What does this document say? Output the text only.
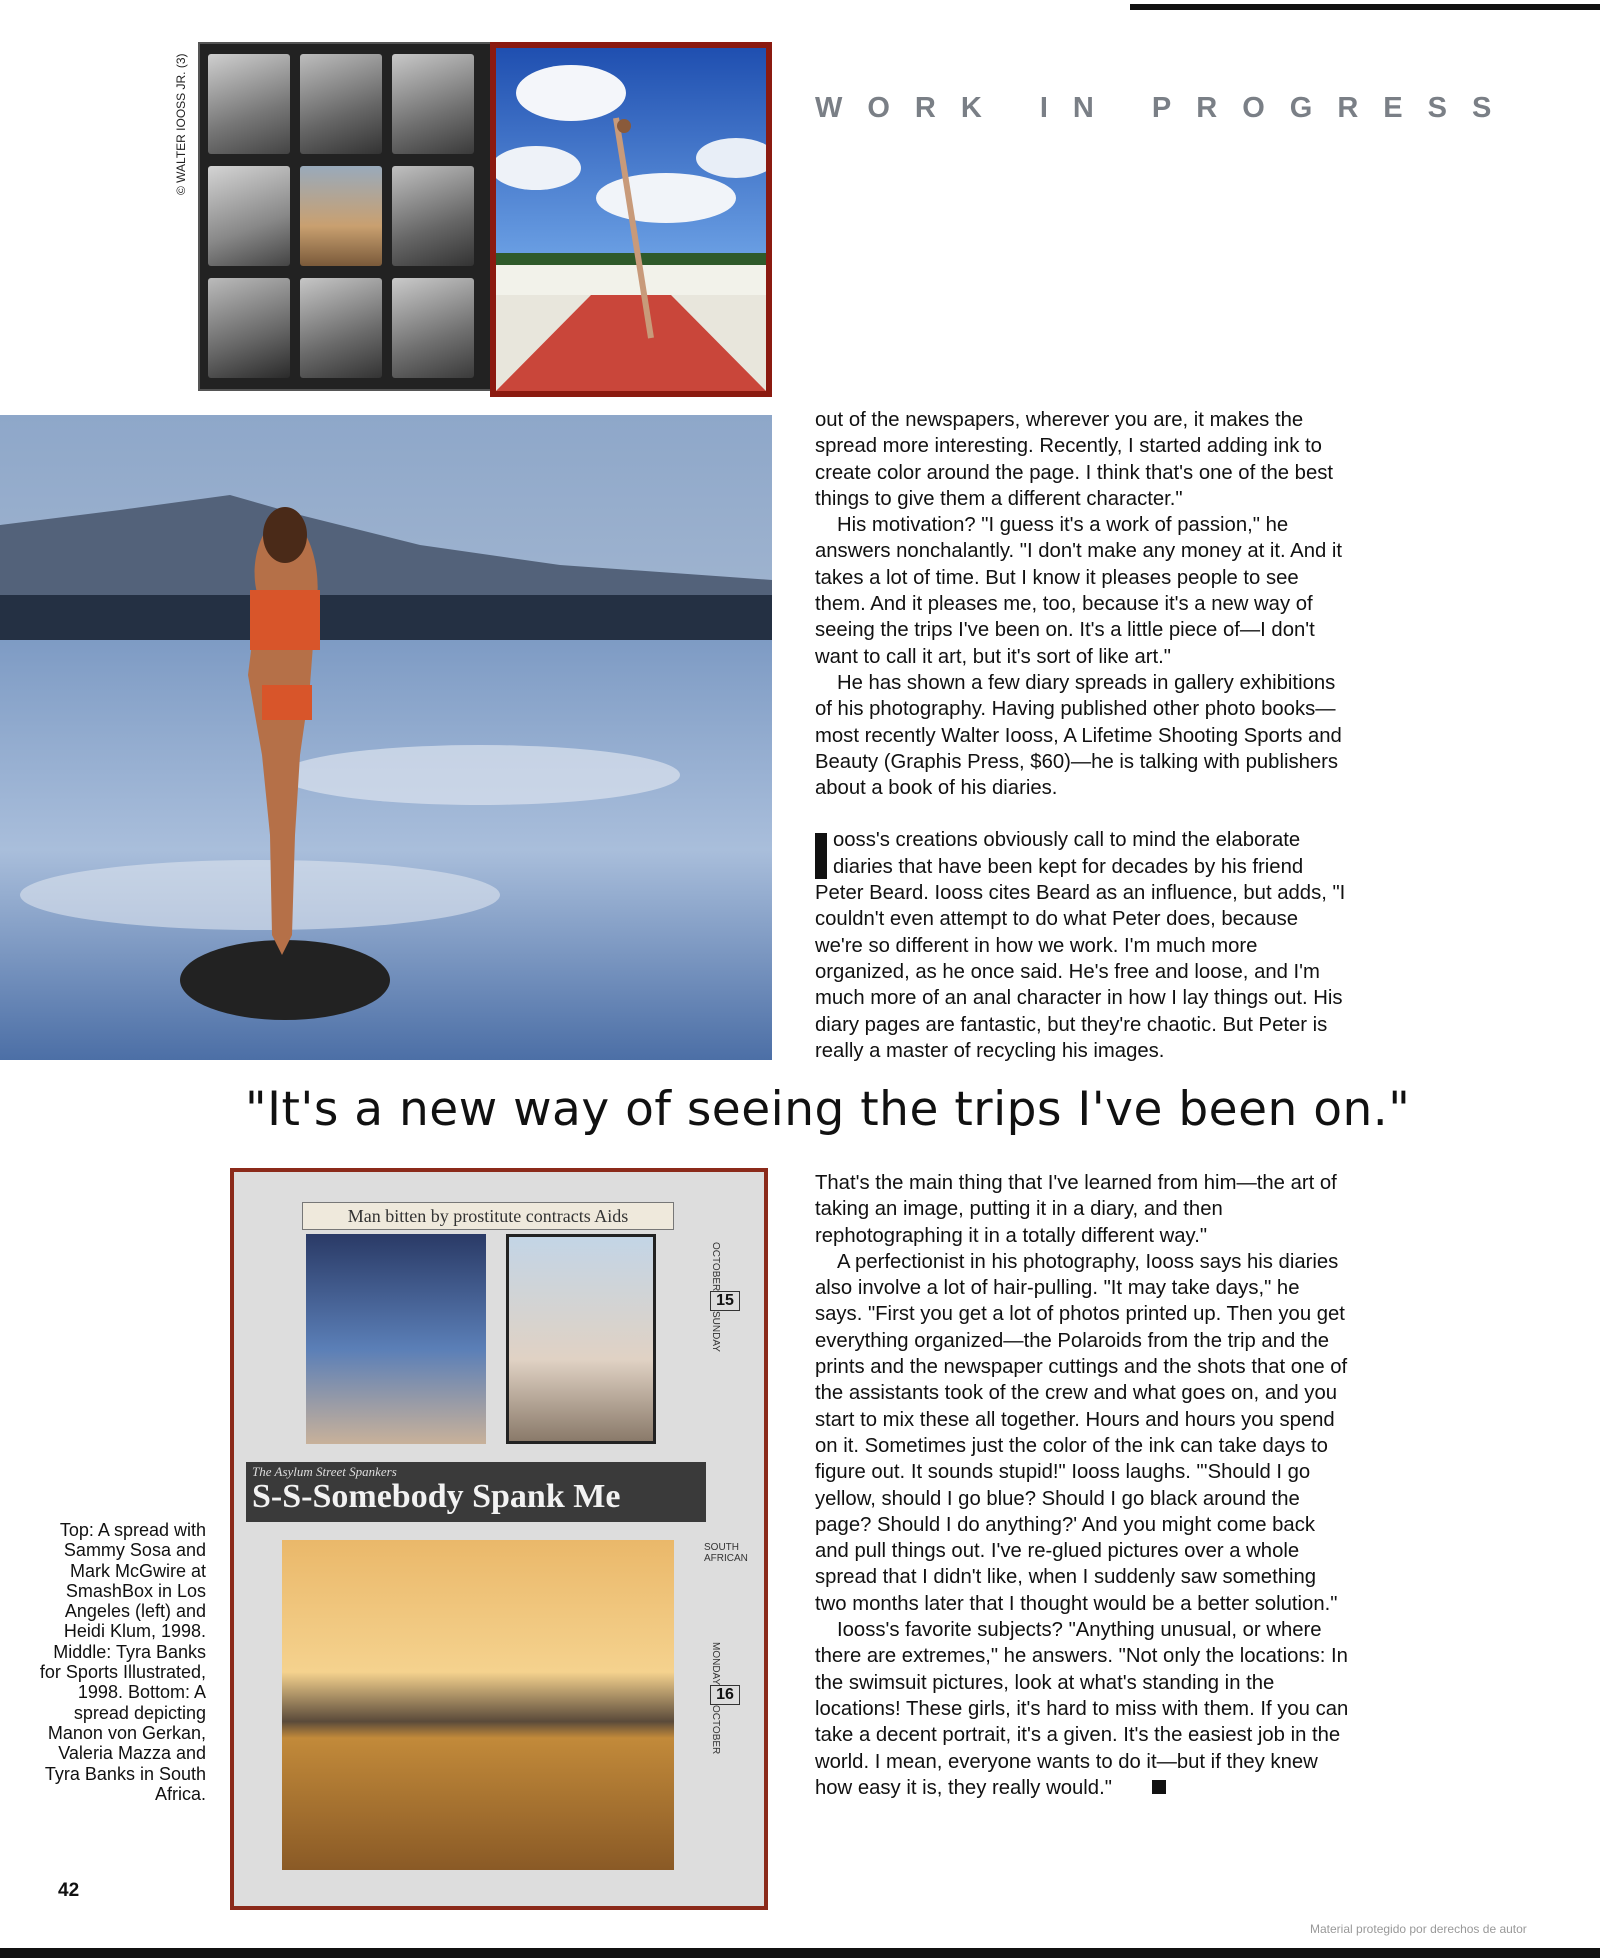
WORK IN PROGRESS
© WALTER IOOSS JR. (3)

out of the newspapers, wherever you are, it makes the spread more interesting. Recently, I started adding ink to create color around the page. I think that's one of the best things to give them a different character."

His motivation? "I guess it's a work of passion," he answers nonchalantly. "I don't make any money at it. And it takes a lot of time. But I know it pleases people to see them. And it pleases me, too, because it's a new way of seeing the trips I've been on. It's a little piece of—I don't want to call it art, but it's sort of like art."

He has shown a few diary spreads in gallery exhibitions of his photography. Having published other photo books—most recently Walter Iooss, A Lifetime Shooting Sports and Beauty (Graphis Press, $60)—he is talking with publishers about a book of his diaries.

ooss's creations obviously call to mind the elaborate diaries that have been kept for decades by his friend Peter Beard. Iooss cites Beard as an influence, but adds, "I couldn't even attempt to do what Peter does, because we're so different in how we work. I'm much more organized, as he once said. He's free and loose, and I'm much more of an anal character in how I lay things out. His diary pages are fantastic, but they're chaotic. But Peter is really a master of recycling his images.

"It's a new way of seeing the trips I've been on."
Man bitten by prostitute contracts Aids
The Asylum Street Spankers
S-S-Somebody Spank Me
SOUTH AFRICAN
OCTOBER
15
SUNDAY
MONDAY
16
OCTOBER

That's the main thing that I've learned from him—the art of taking an image, putting it in a diary, and then rephotographing it in a totally different way."

A perfectionist in his photography, Iooss says his diaries also involve a lot of hair-pulling. "It may take days," he says. "First you get a lot of photos printed up. Then you get everything organized—the Polaroids from the trip and the prints and the newspaper cuttings and the shots that one of the assistants took of the crew and what goes on, and you start to mix these all together. Hours and hours you spend on it. Sometimes just the color of the ink can take days to figure out. It sounds stupid!" Iooss laughs. "'Should I go yellow, should I go blue? Should I go black around the page? Should I do anything?' And you might come back and pull things out. I've re-glued pictures over a whole spread that I didn't like, when I suddenly saw something two months later that I thought would be a better solution."

Iooss's favorite subjects? "Anything unusual, or where there are extremes," he answers. "Not only the locations: In the swimsuit pictures, look at what's standing in the locations! These girls, it's hard to miss with them. If you can take a decent portrait, it's a given. It's the easiest job in the world. I mean, everyone wants to do it—but if they knew how easy it is, they really would."

Top: A spread with Sammy Sosa and Mark McGwire at SmashBox in Los Angeles (left) and Heidi Klum, 1998. Middle: Tyra Banks for Sports Illustrated, 1998. Bottom: A spread depicting Manon von Gerkan, Valeria Mazza and Tyra Banks in South Africa.
42
Material protegido por derechos de autor
